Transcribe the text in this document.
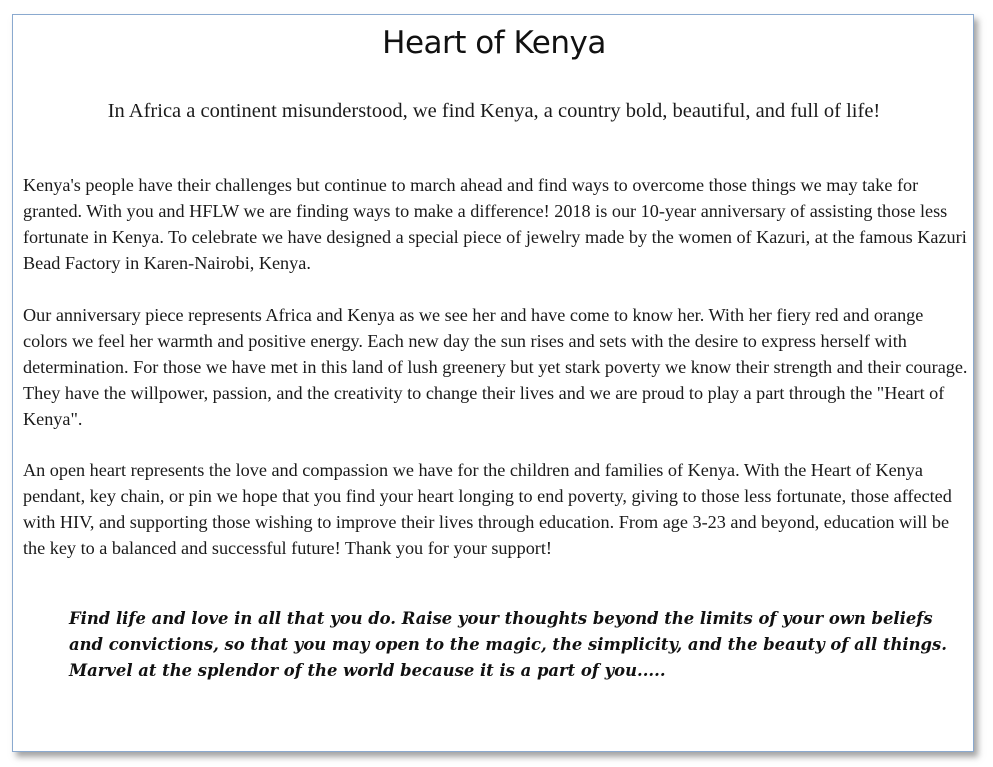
Heart of Kenya

In Africa a continent misunderstood, we find Kenya, a country bold, beautiful, and full of life!

Kenya's people have their challenges but continue to march ahead and find ways to overcome those things we may take for granted. With you and HFLW we are finding ways to make a difference! 2018 is our 10-year anniversary of assisting those less fortunate in Kenya. To celebrate we have designed a special piece of jewelry made by the women of Kazuri, at the famous Kazuri Bead Factory in Karen-Nairobi, Kenya.

Our anniversary piece represents Africa and Kenya as we see her and have come to know her. With her fiery red and orange colors we feel her warmth and positive energy. Each new day the sun rises and sets with the desire to express herself with determination. For those we have met in this land of lush greenery but yet stark poverty we know their strength and their courage. They have the willpower, passion, and the creativity to change their lives and we are proud to play a part through the "Heart of Kenya".

An open heart represents the love and compassion we have for the children and families of Kenya. With the Heart of Kenya pendant, key chain, or pin we hope that you find your heart longing to end poverty, giving to those less fortunate, those affected with HIV, and supporting those wishing to improve their lives through education. From age 3-23 and beyond, education will be the key to a balanced and successful future! Thank you for your support!

Find life and love in all that you do. Raise your thoughts beyond the limits of your own beliefs
and convictions, so that you may open to the magic, the simplicity, and the beauty of all things.
Marvel at the splendor of the world because it is a part of you.....
